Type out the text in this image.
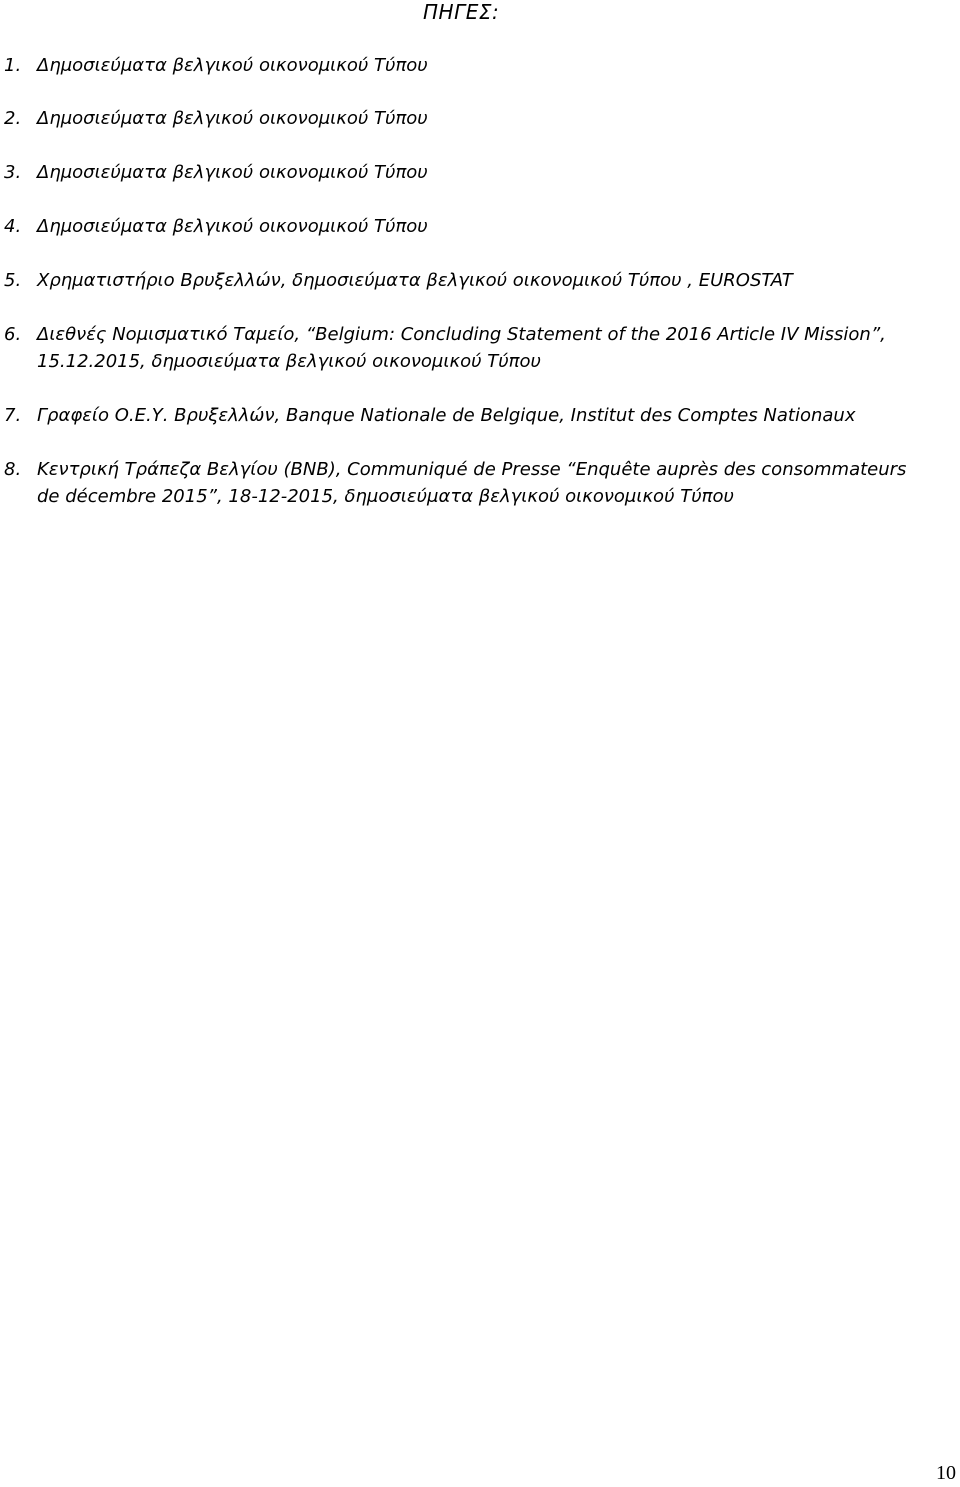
ΠΗΓΕΣ:
1. Δημοσιεύματα βελγικού οικονομικού Τύπου
2. Δημοσιεύματα βελγικού οικονομικού Τύπου
3. Δημοσιεύματα βελγικού οικονομικού Τύπου
4. Δημοσιεύματα βελγικού οικονομικού Τύπου
5. Χρηματιστήριο Βρυξελλών, δημοσιεύματα βελγικού οικονομικού Τύπου , EUROSTAT
6. Διεθνές Νομισματικό Ταμείο, “Belgium: Concluding Statement of the 2016 Article IV Mission”, 15.12.2015, δημοσιεύματα βελγικού οικονομικού Τύπου
7. Γραφείο Ο.Ε.Υ. Βρυξελλών, Banque Nationale de Belgique, Institut des Comptes Nationaux
8. Κεντρική Τράπεζα Βελγίου (BNB), Communiqué de Presse “Enquête auprès des consommateurs de décembre 2015”, 18-12-2015, δημοσιεύματα βελγικού οικονομικού Τύπου
10
